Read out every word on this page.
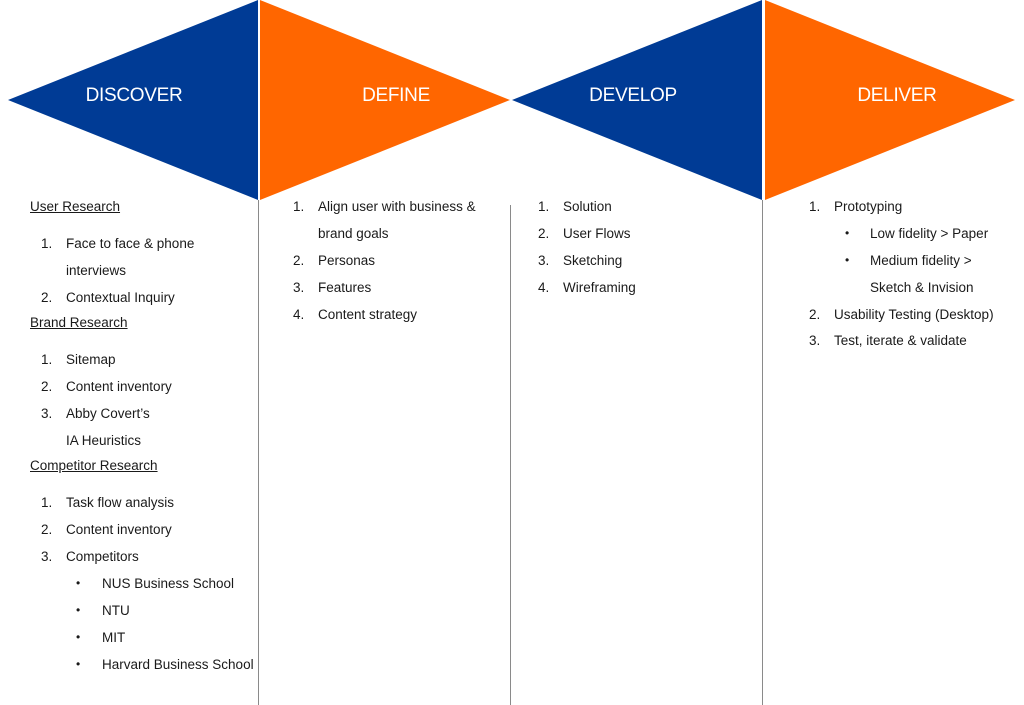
DISCOVER	DEFINE	DEVELOP	DELIVER
User Research
1. Face to face & phone
interviews
2. Contextual Inquiry
Brand Research
1. Sitemap
2. Content inventory
3. Abby Covert’s
IA Heuristics
Competitor Research
1. Task flow analysis
2. Content inventory
3. Competitors
• NUS Business School
• NTU
• MIT
• Harvard Business School
1. Align user with business &
brand goals
2. Personas
3. Features
4. Content strategy
1. Solution
2. User Flows
3. Sketching
4. Wireframing
1. Prototyping
• Low fidelity > Paper
• Medium fidelity >
Sketch & Invision
2. Usability Testing (Desktop)
3. Test, iterate & validate
